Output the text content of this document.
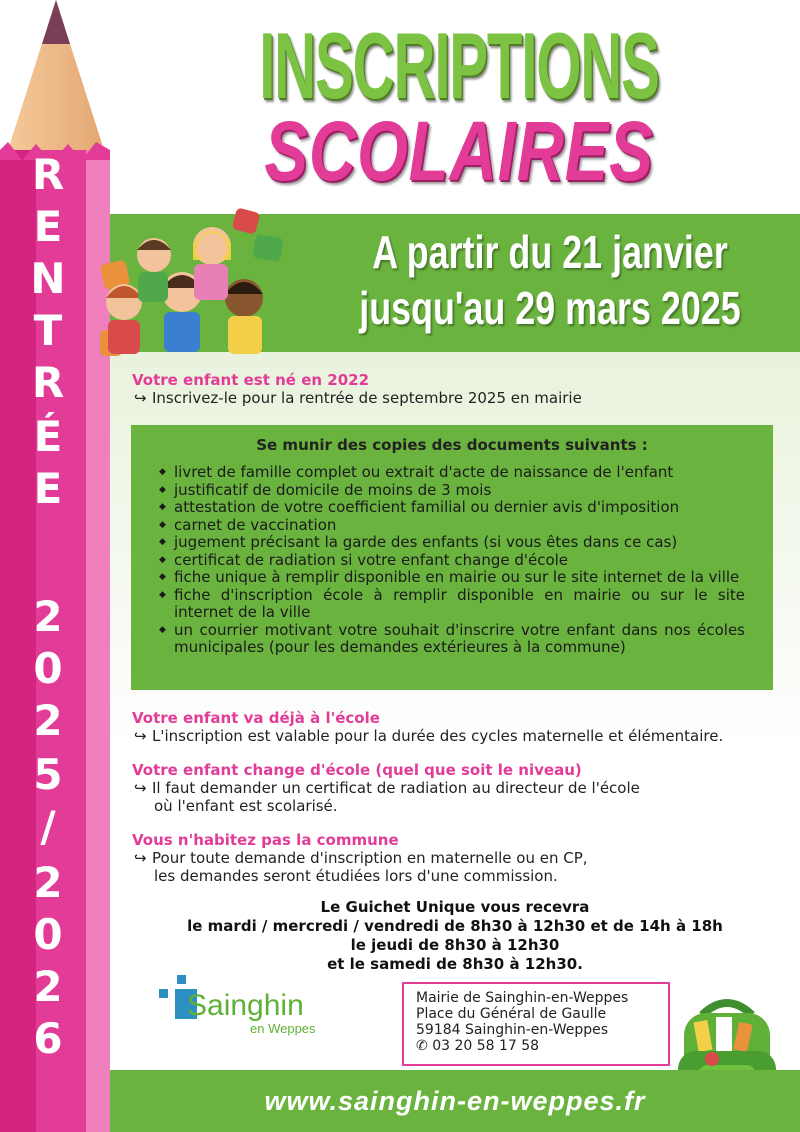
R
E
N
T
R
É
E
2
0
2
5
/
2
0
2
6
INSCRIPTIONS
SCOLAIRES
A partir du 21 janvier
jusqu'au 29 mars 2025
Votre enfant est né en 2022
↪ Inscrivez-le pour la rentrée de septembre 2025 en mairie
Se munir des copies des documents suivants :
◆ livret de famille complet ou extrait d'acte de naissance de l'enfant
◆ justificatif de domicile de moins de 3 mois
◆ attestation de votre coefficient familial ou dernier avis d'imposition
◆ carnet de vaccination
◆ jugement précisant la garde des enfants (si vous êtes dans ce cas)
◆ certificat de radiation si votre enfant change d'école
◆ fiche unique à remplir disponible en mairie ou sur le site internet de la ville
◆ fiche d'inscription école à remplir disponible en mairie ou sur le site internet de la ville
◆ un courrier motivant votre souhait d'inscrire votre enfant dans nos écoles municipales (pour les demandes extérieures à la commune)
Votre enfant va déjà à l'école
↪ L'inscription est valable pour la durée des cycles maternelle et élémentaire.
Votre enfant change d'école (quel que soit le niveau)
↪ Il faut demander un certificat de radiation au directeur de l'école
où l'enfant est scolarisé.
Vous n'habitez pas la commune
↪ Pour toute demande d'inscription en maternelle ou en CP,
les demandes seront étudiées lors d'une commission.
Le Guichet Unique vous recevra
le mardi / mercredi / vendredi de 8h30 à 12h30 et de 14h à 18h
le jeudi de 8h30 à 12h30
et le samedi de 8h30 à 12h30.
Sainghin
en Weppes
Mairie de Sainghin-en-Weppes
Place du Général de Gaulle
59184 Sainghin-en-Weppes
✆ 03 20 58 17 58
www.sainghin-en-weppes.fr
